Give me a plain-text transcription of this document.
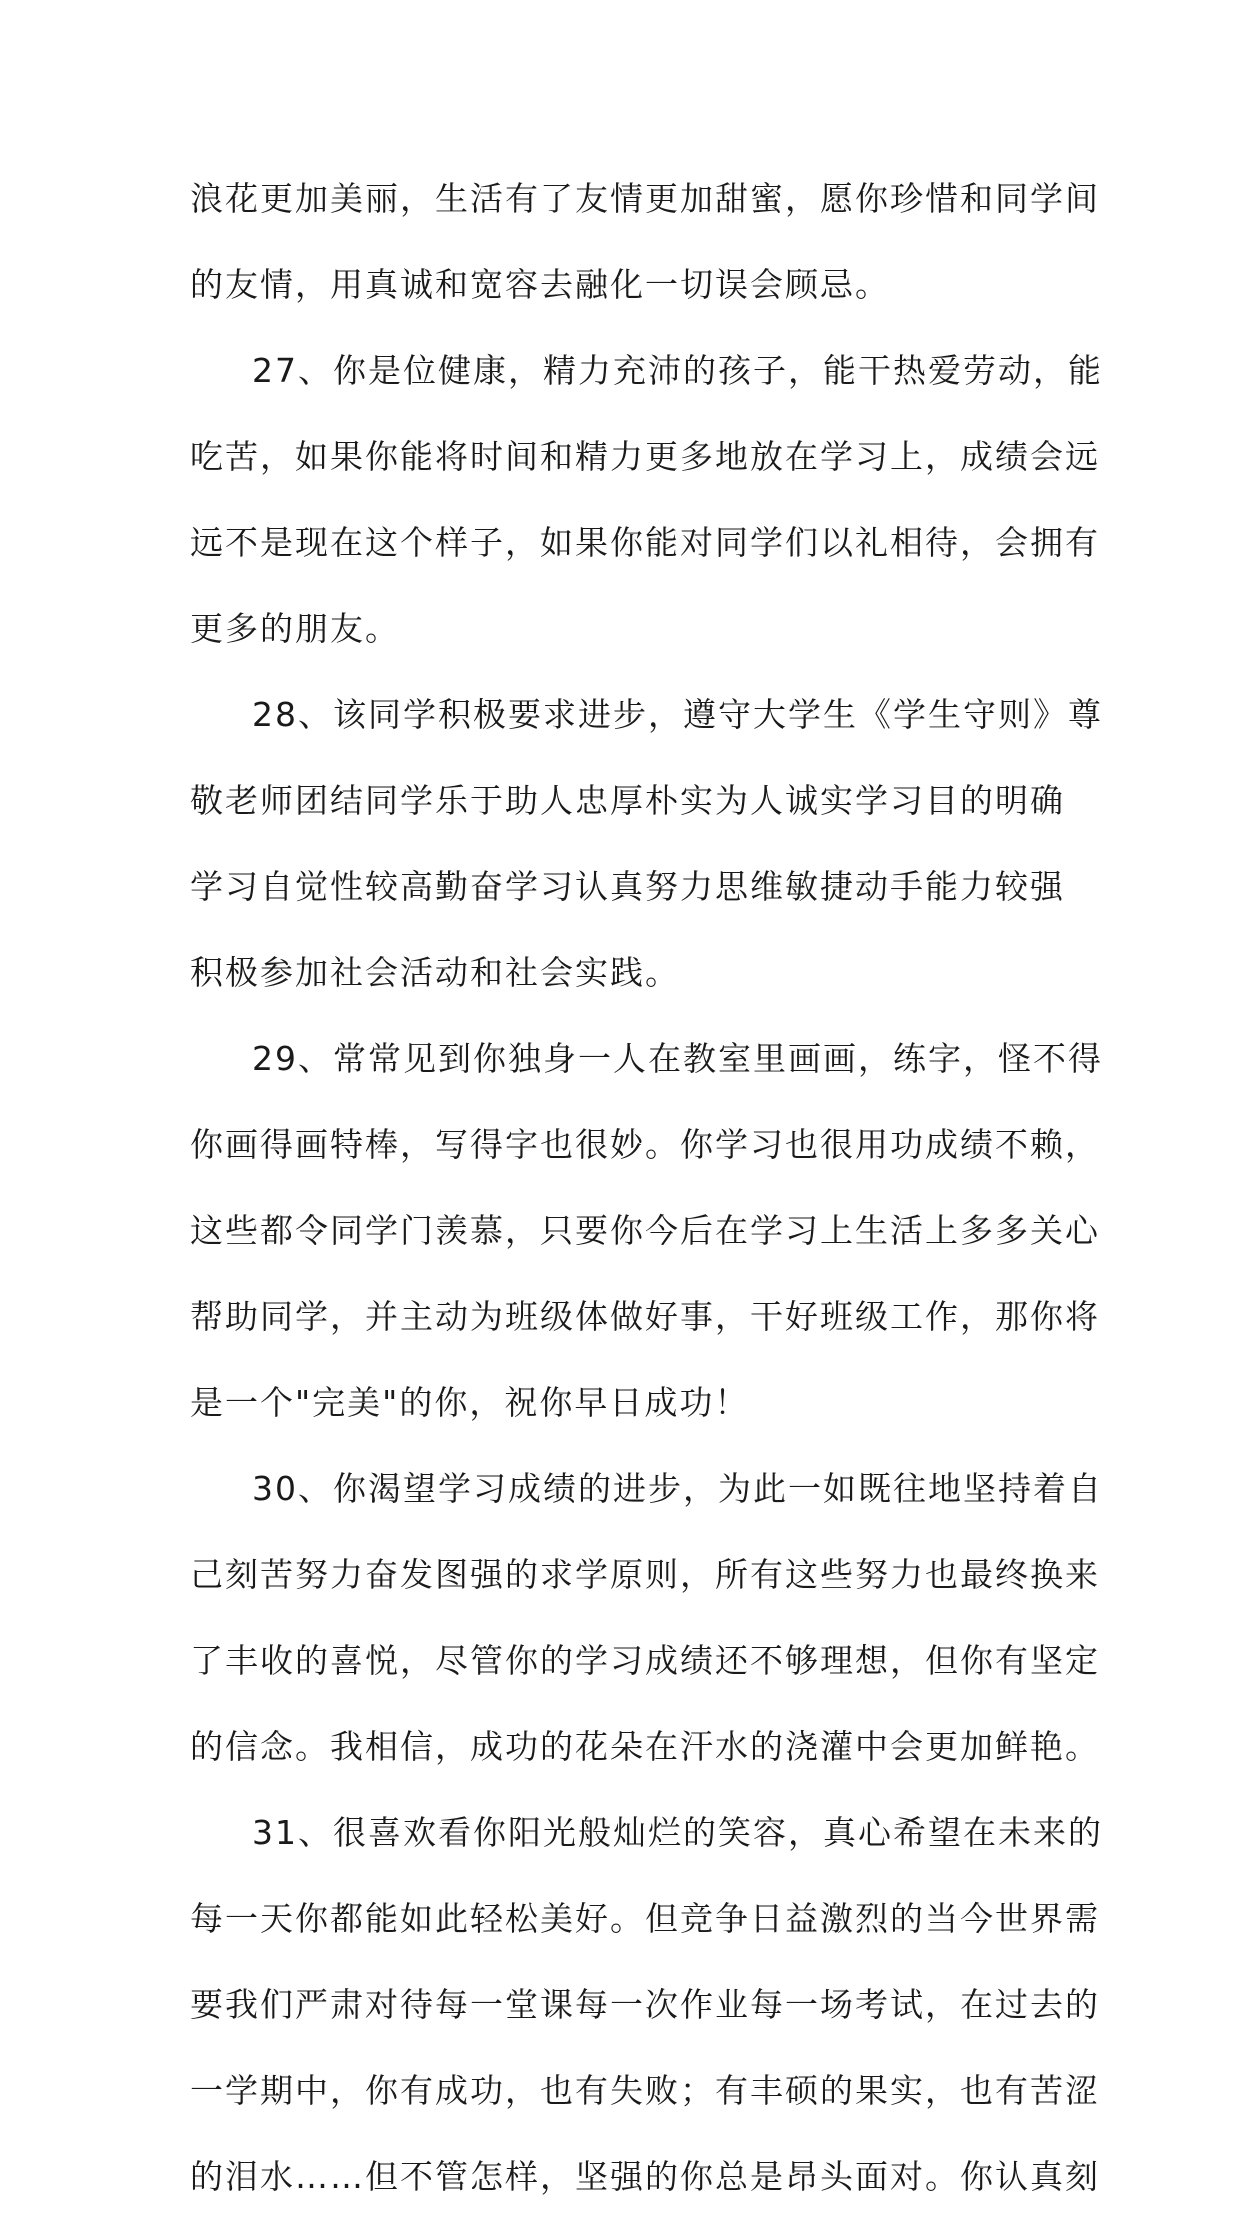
浪花更加美丽，生活有了友情更加甜蜜，愿你珍惜和同学间
的友情，用真诚和宽容去融化一切误会顾忌。
27、你是位健康，精力充沛的孩子，能干热爱劳动，能
吃苦，如果你能将时间和精力更多地放在学习上，成绩会远
远不是现在这个样子，如果你能对同学们以礼相待，会拥有
更多的朋友。
28、该同学积极要求进步，遵守大学生《学生守则》尊
敬老师团结同学乐于助人忠厚朴实为人诚实学习目的明确
学习自觉性较高勤奋学习认真努力思维敏捷动手能力较强
积极参加社会活动和社会实践。
29、常常见到你独身一人在教室里画画，练字，怪不得
你画得画特棒，写得字也很妙。你学习也很用功成绩不赖，
这些都令同学门羡慕，只要你今后在学习上生活上多多关心
帮助同学，并主动为班级体做好事，干好班级工作，那你将
是一个"完美"的你，祝你早日成功！
30、你渴望学习成绩的进步，为此一如既往地坚持着自
己刻苦努力奋发图强的求学原则，所有这些努力也最终换来
了丰收的喜悦，尽管你的学习成绩还不够理想，但你有坚定
的信念。我相信，成功的花朵在汗水的浇灌中会更加鲜艳。
31、很喜欢看你阳光般灿烂的笑容，真心希望在未来的
每一天你都能如此轻松美好。但竞争日益激烈的当今世界需
要我们严肃对待每一堂课每一次作业每一场考试，在过去的
一学期中，你有成功，也有失败；有丰硕的果实，也有苦涩
的泪水……但不管怎样，坚强的你总是昂头面对。你认真刻
